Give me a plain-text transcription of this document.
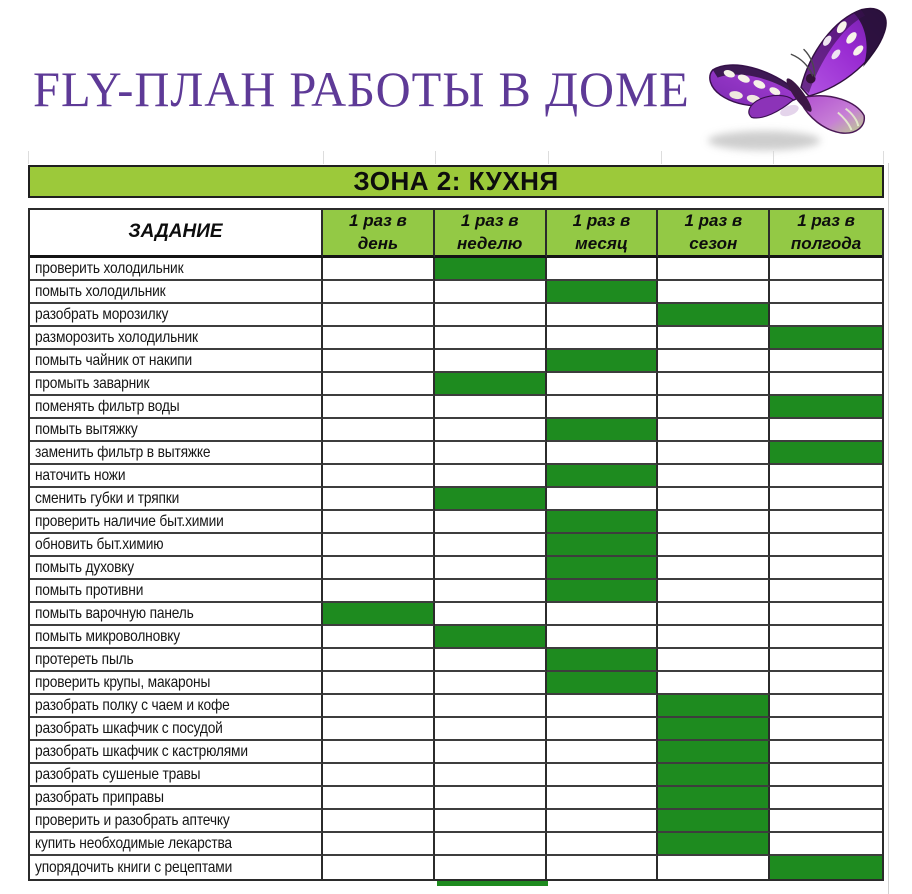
FLY-ПЛАН РАБОТЫ В ДОМЕ
ЗОНА 2: КУХНЯ
ЗАДАНИЕ
1 раз в
день
1 раз в
неделю
1 раз в
месяц
1 раз в
сезон
1 раз в
полгода
проверить холодильник
помыть холодильник
разобрать морозилку
разморозить холодильник
помыть чайник от накипи
промыть заварник
поменять фильтр воды
помыть вытяжку
заменить фильтр в вытяжке
наточить ножи
сменить губки и тряпки
проверить наличие быт.химии
обновить быт.химию
помыть духовку
помыть противни
помыть варочную панель
помыть микроволновку
протереть пыль
проверить крупы, макароны
разобрать полку с чаем и кофе
разобрать шкафчик с посудой
разобрать шкафчик с кастрюлями
разобрать сушеные травы
разобрать приправы
проверить и разобрать аптечку
купить необходимые лекарства
упорядочить книги с рецептами
